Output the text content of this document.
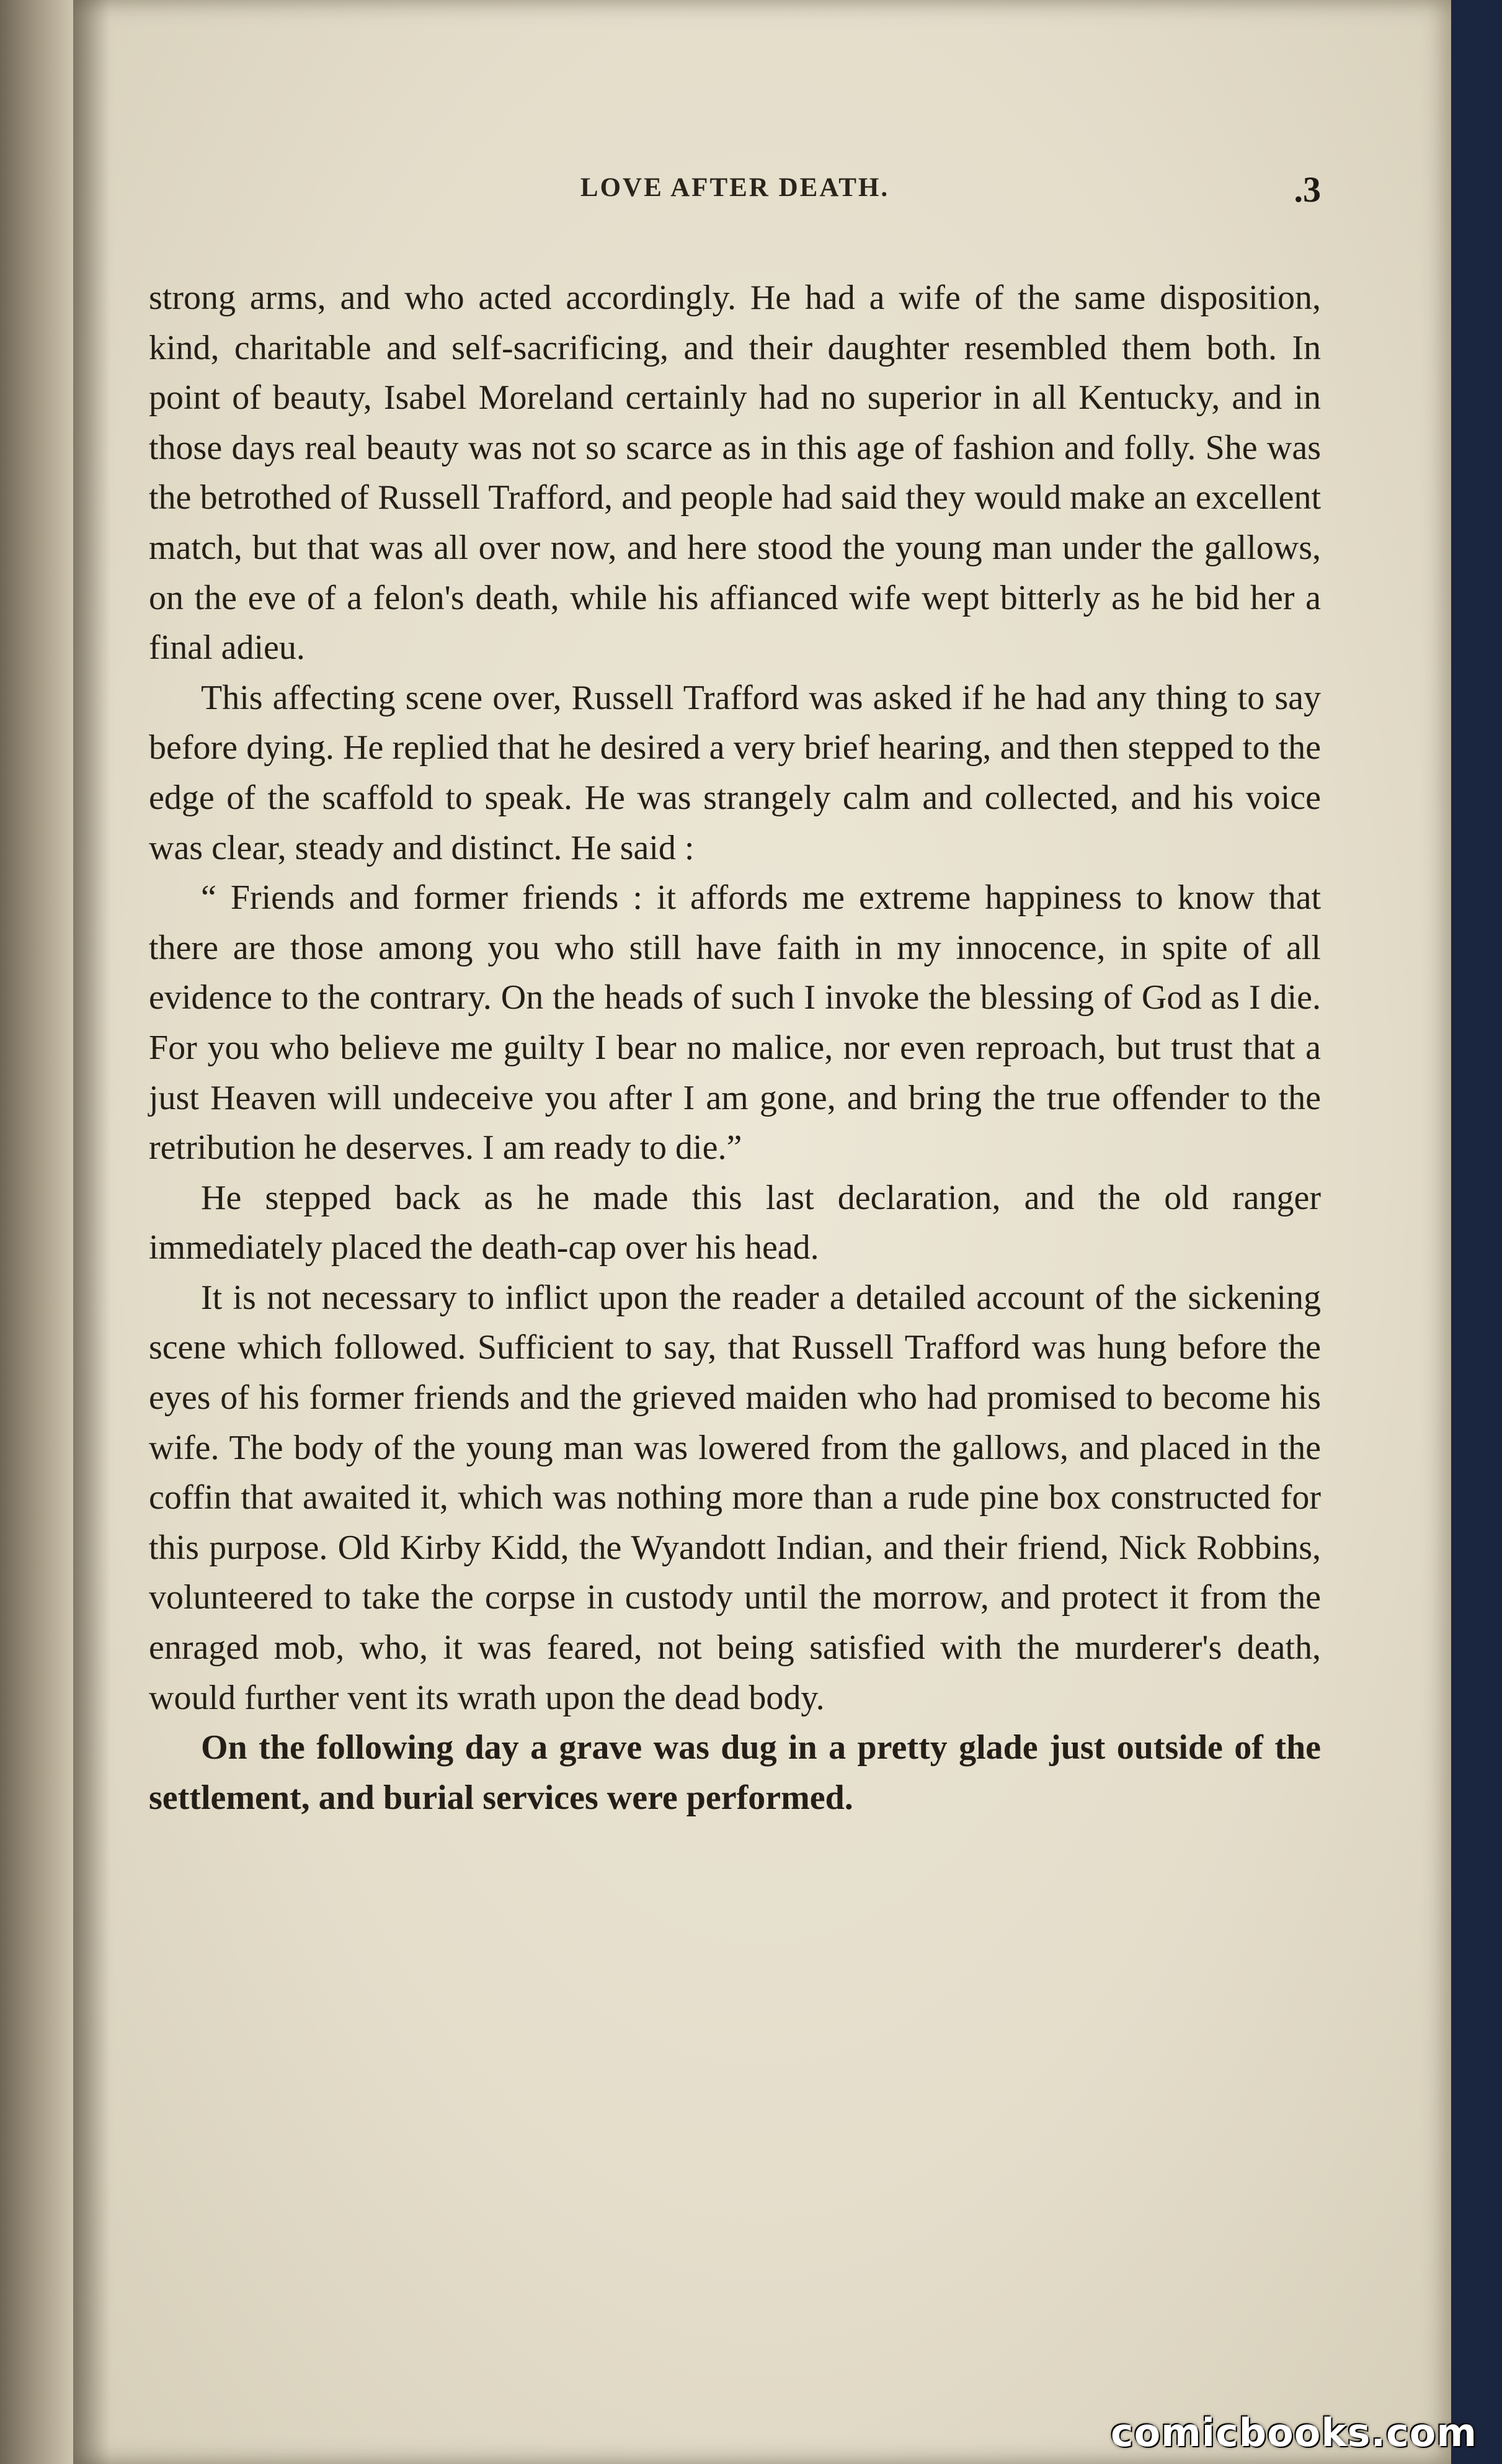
LOVE AFTER DEATH.	.3

strong arms, and who acted accordingly. He had a wife of the same disposition, kind, charitable and self-sacrificing, and their daughter resembled them both. In point of beauty, Isabel Moreland certainly had no superior in all Kentucky, and in those days real beauty was not so scarce as in this age of fashion and folly. She was the betrothed of Russell Trafford, and people had said they would make an excellent match, but that was all over now, and here stood the young man under the gallows, on the eve of a felon's death, while his affianced wife wept bitterly as he bid her a final adieu.

This affecting scene over, Russell Trafford was asked if he had any thing to say before dying. He replied that he desired a very brief hearing, and then stepped to the edge of the scaffold to speak. He was strangely calm and collected, and his voice was clear, steady and distinct. He said :

“ Friends and former friends : it affords me extreme happiness to know that there are those among you who still have faith in my innocence, in spite of all evidence to the contrary. On the heads of such I invoke the blessing of God as I die. For you who believe me guilty I bear no malice, nor even reproach, but trust that a just Heaven will undeceive you after I am gone, and bring the true offender to the retribution he deserves. I am ready to die.”

He stepped back as he made this last declaration, and the old ranger immediately placed the death-cap over his head.

It is not necessary to inflict upon the reader a detailed account of the sickening scene which followed. Sufficient to say, that Russell Trafford was hung before the eyes of his former friends and the grieved maiden who had promised to become his wife. The body of the young man was lowered from the gallows, and placed in the coffin that awaited it, which was nothing more than a rude pine box constructed for this purpose. Old Kirby Kidd, the Wyandott Indian, and their friend, Nick Robbins, volunteered to take the corpse in custody until the morrow, and protect it from the enraged mob, who, it was feared, not being satisfied with the murderer's death, would further vent its wrath upon the dead body.

On the following day a grave was dug in a pretty glade just outside of the settlement, and burial services were performed.

comicbooks.com
